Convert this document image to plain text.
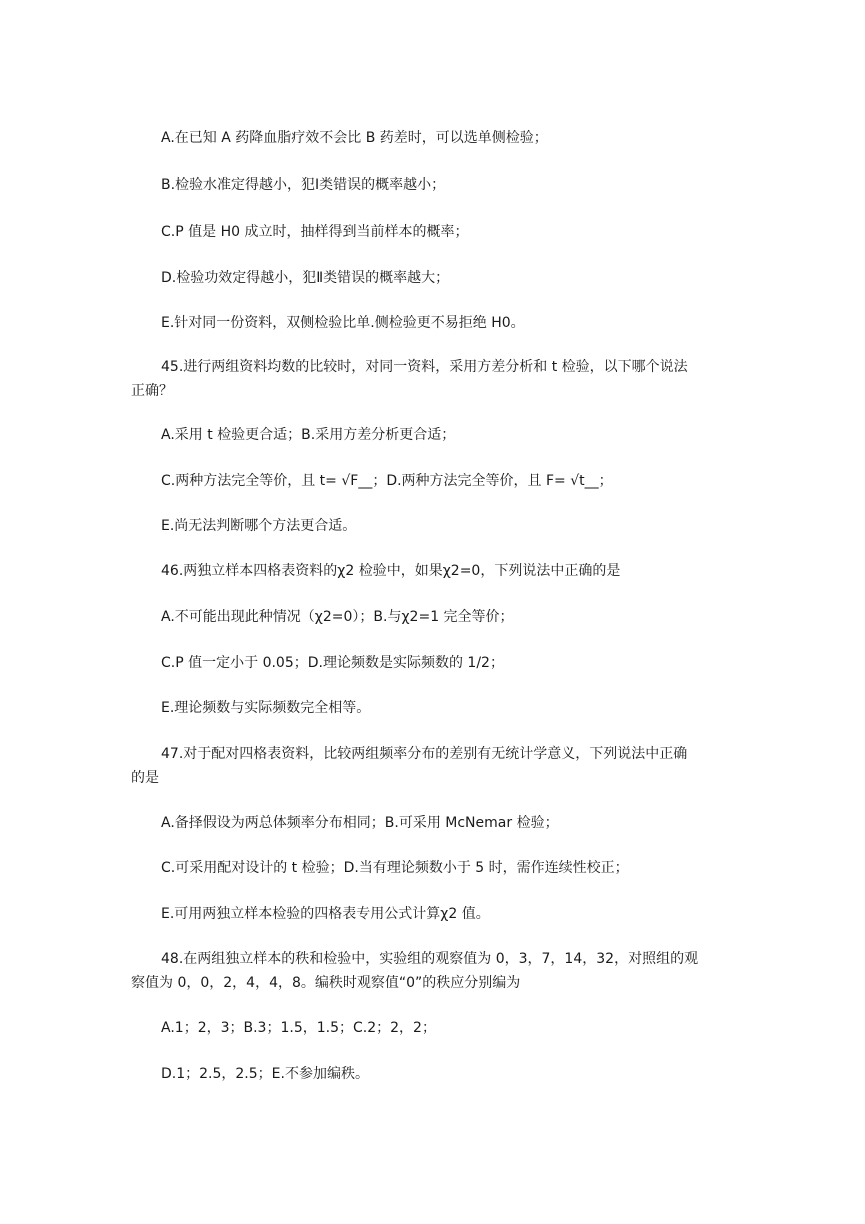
A.在已知 A 药降血脂疗效不会比 B 药差时，可以选单侧检验；
B.检验水准定得越小，犯Ⅰ类错误的概率越小；
C.P 值是 H0 成立时，抽样得到当前样本的概率；
D.检验功效定得越小，犯Ⅱ类错误的概率越大；
E.针对同一份资料，双侧检验比单.侧检验更不易拒绝 H0。
45.进行两组资料均数的比较时，对同一资料，采用方差分析和 t 检验，以下哪个说法
正确？
A.采用 t 检验更合适；B.采用方差分析更合适；
C.两种方法完全等价，且 t= √F__；D.两种方法完全等价，且 F= √t__；
E.尚无法判断哪个方法更合适。
46.两独立样本四格表资料的χ2 检验中，如果χ2=0，下列说法中正确的是
A.不可能出现此种情况（χ2=0）；B.与χ2=1 完全等价；
C.P 值一定小于 0.05；D.理论频数是实际频数的 1/2；
E.理论频数与实际频数完全相等。
47.对于配对四格表资料，比较两组频率分布的差别有无统计学意义，下列说法中正确
的是
A.备择假设为两总体频率分布相同；B.可采用 McNemar 检验；
C.可采用配对设计的 t 检验；D.当有理论频数小于 5 时，需作连续性校正；
E.可用两独立样本检验的四格表专用公式计算χ2 值。
48.在两组独立样本的秩和检验中，实验组的观察值为 0，3，7，14，32，对照组的观
察值为 0，0，2，4，4，8。编秩时观察值“0”的秩应分别编为
A.1；2，3；B.3；1.5，1.5；C.2；2，2；
D.1；2.5，2.5；E.不参加编秩。
